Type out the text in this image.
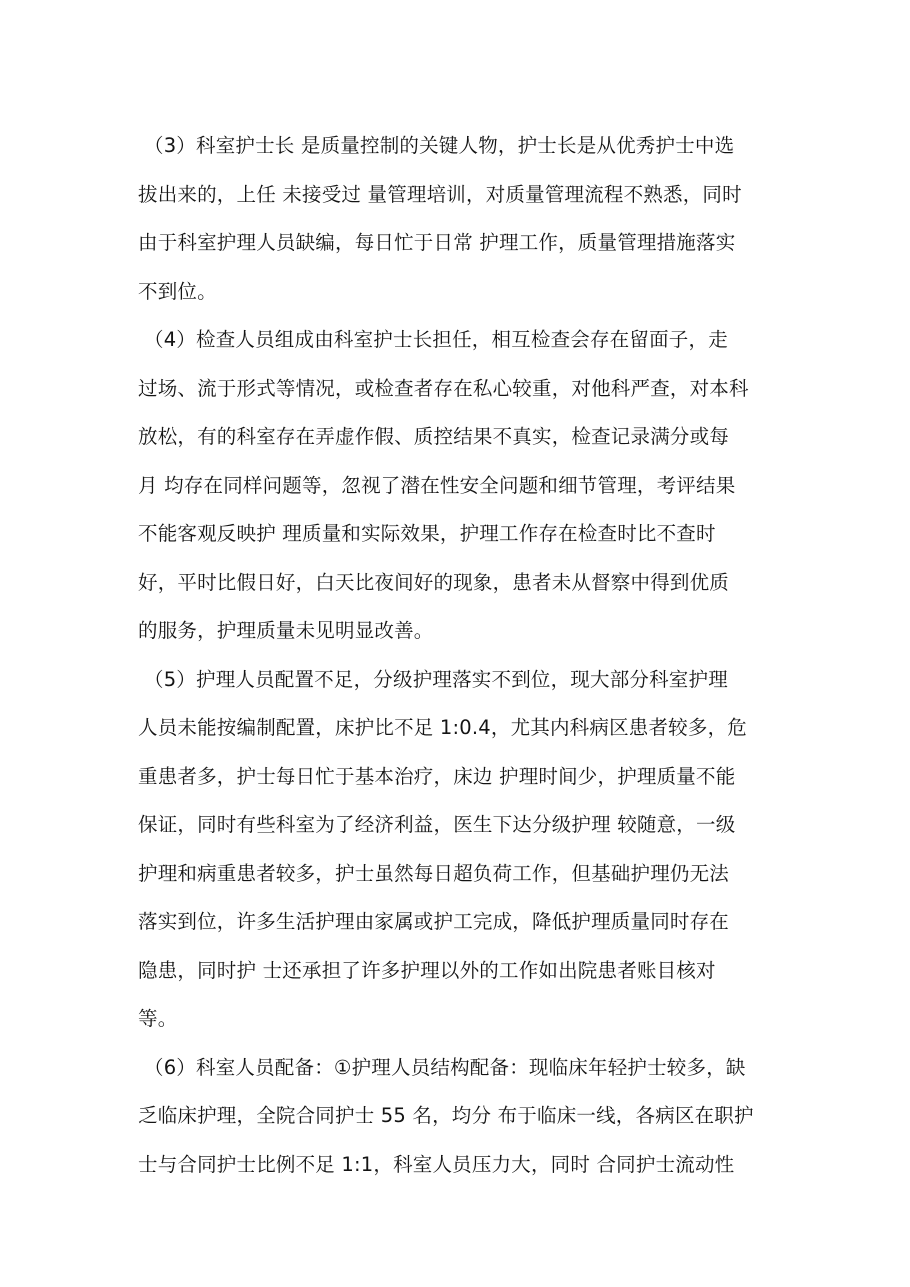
（3）科室护士长 是质量控制的关键人物，护士长是从优秀护士中选
拔出来的，上任 未接受过 量管理培训，对质量管理流程不熟悉，同时
由于科室护理人员缺编，每日忙于日常 护理工作，质量管理措施落实
不到位。
（4）检查人员组成由科室护士长担任，相互检查会存在留面子，走
过场、流于形式等情况，或检查者存在私心较重，对他科严查，对本科
放松，有的科室存在弄虚作假、质控结果不真实，检查记录满分或每
月 均存在同样问题等，忽视了潜在性安全问题和细节管理，考评结果
不能客观反映护 理质量和实际效果，护理工作存在检查时比不查时
好，平时比假日好，白天比夜间好的现象，患者未从督察中得到优质
的服务，护理质量未见明显改善。
（5）护理人员配置不足，分级护理落实不到位，现大部分科室护理
人员未能按编制配置，床护比不足 1:0.4，尤其内科病区患者较多，危
重患者多，护士每日忙于基本治疗，床边 护理时间少，护理质量不能
保证，同时有些科室为了经济利益，医生下达分级护理 较随意，一级
护理和病重患者较多，护士虽然每日超负荷工作，但基础护理仍无法
落实到位，许多生活护理由家属或护工完成，降低护理质量同时存在
隐患，同时护 士还承担了许多护理以外的工作如出院患者账目核对
等。
（6）科室人员配备：①护理人员结构配备：现临床年轻护士较多，缺
乏临床护理，全院合同护士 55 名，均分 布于临床一线，各病区在职护
士与合同护士比例不足 1:1，科室人员压力大，同时 合同护士流动性
